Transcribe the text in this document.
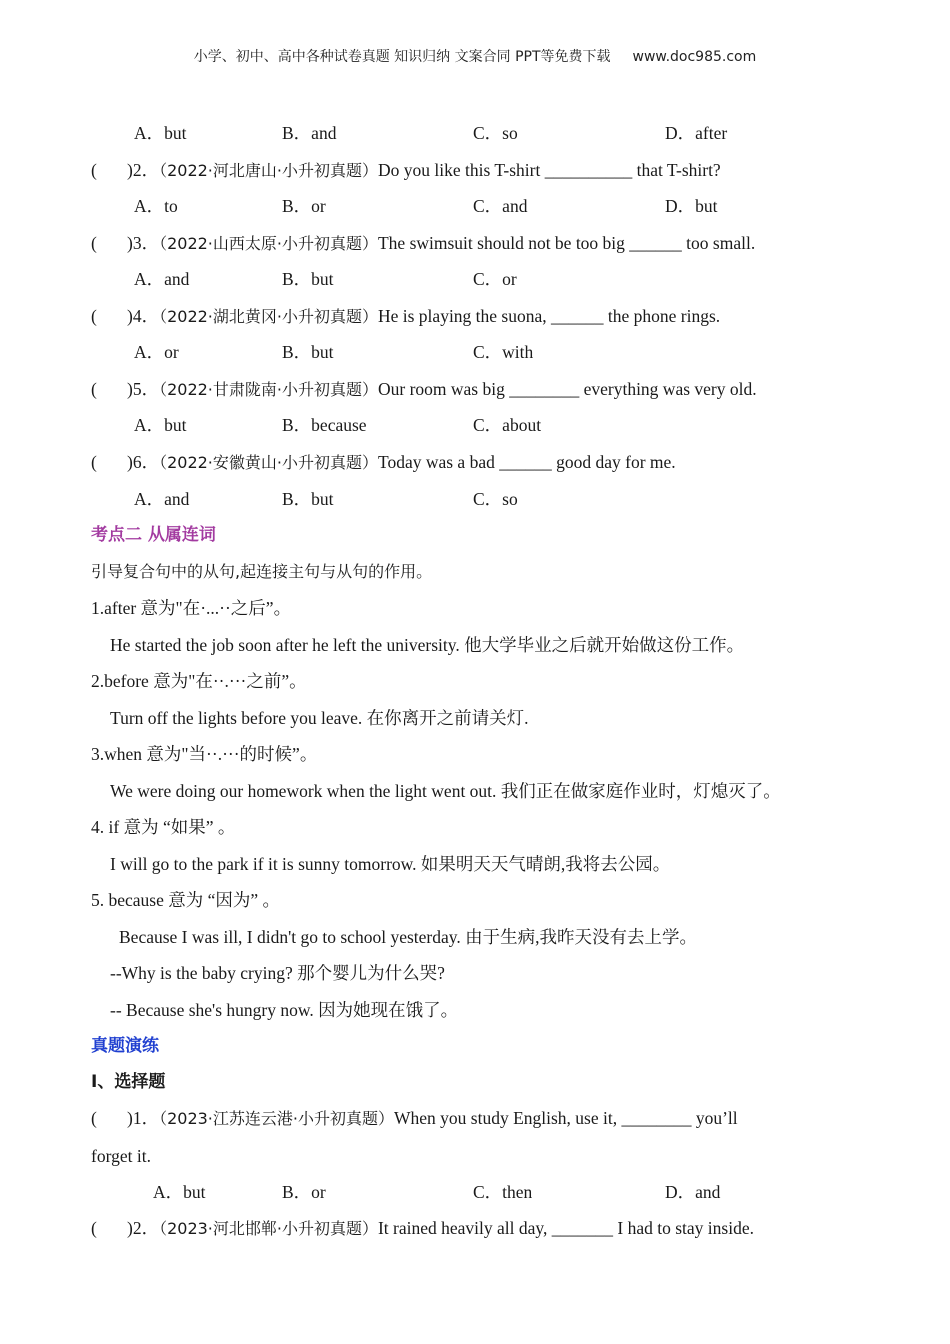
小学、初中、高中各种试卷真题 知识归纳 文案合同 PPT等免费下载 www.doc985.com
A．but	B．and	C．so	D．after
( )2．（2022·河北唐山·小升初真题）Do you like this T-shirt __________ that T-shirt?
A．to	B．or	C．and	D．but
( )3．（2022·山西太原·小升初真题）The swimsuit should not be too big ______ too small.
A．and	B．but	C．or
( )4．（2022·湖北黄冈·小升初真题）He is playing the suona, ______ the phone rings.
A．or	B．but	C．with
( )5．（2022·甘肃陇南·小升初真题）Our room was big ________ everything was very old.
A．but	B．because	C．about
( )6．（2022·安徽黄山·小升初真题）Today was a bad ______ good day for me.
A．and	B．but	C．so
考点二 从属连词
引导复合句中的从句,起连接主句与从句的作用。
1.after 意为"在·...··之后”。
He started the job soon after he left the university. 他大学毕业之后就开始做这份工作。
2.before 意为"在··.···之前”。
Turn off the lights before you leave. 在你离开之前请关灯.
3.when 意为"当··.···的时候”。
We were doing our homework when the light went out. 我们正在做家庭作业时，灯熄灭了。
4. if 意为 “如果” 。
I will go to the park if it is sunny tomorrow. 如果明天天气晴朗,我将去公园。
5. because 意为 “因为” 。
Because I was ill, I didn't go to school yesterday. 由于生病,我昨天没有去上学。
--Why is the baby crying? 那个婴儿为什么哭?
-- Because she's hungry now. 因为她现在饿了。
真题演练
I、选择题
( )1．（2023·江苏连云港·小升初真题）When you study English, use it, ________ you’ll
forget it.
A．but	B．or	C．then	D．and
( )2．（2023·河北邯郸·小升初真题）It rained heavily all day, _______ I had to stay inside.
